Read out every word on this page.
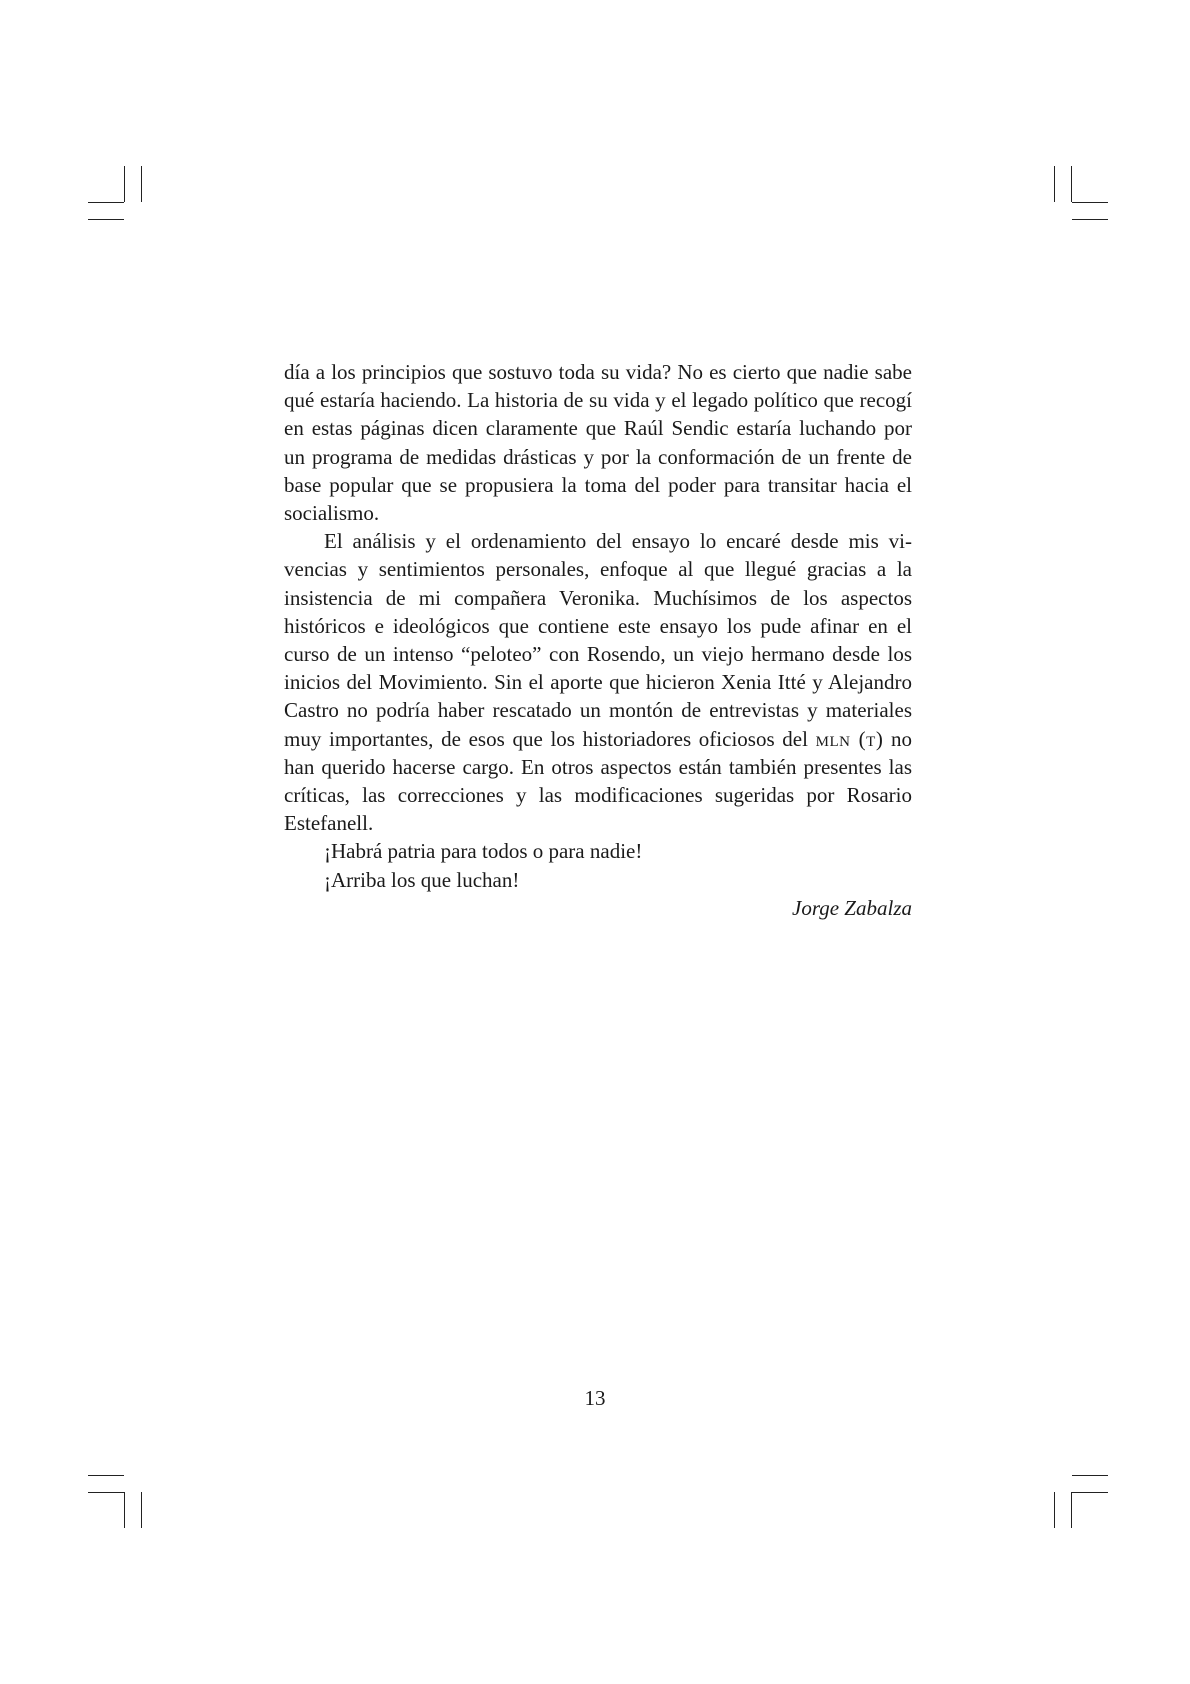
día a los principios que sostuvo toda su vida? No es cierto que nadie sabe qué estaría haciendo. La historia de su vida y el legado político que recogí en estas páginas dicen claramente que Raúl Sendic estaría luchando por un programa de medidas drásticas y por la conformación de un frente de base popular que se propusiera la toma del poder para transitar hacia el socialismo.

El análisis y el ordenamiento del ensayo lo encaré desde mis vivencias y sentimientos personales, enfoque al que llegué gracias a la insistencia de mi compañera Veronika. Muchísimos de los aspectos históricos e ideológicos que contiene este ensayo los pude afinar en el curso de un intenso “peloteo” con Rosendo, un viejo hermano desde los inicios del Movimiento. Sin el aporte que hicieron Xenia Itté y Alejandro Castro no podría haber rescatado un montón de entrevistas y materiales muy importantes, de esos que los historiadores oficiosos del mln (t) no han querido hacerse cargo. En otros aspectos están también presentes las críticas, las correcciones y las modificaciones sugeridas por Rosario Estefanell.

¡Habrá patria para todos o para nadie!

¡Arriba los que luchan!

Jorge Zabalza

13
